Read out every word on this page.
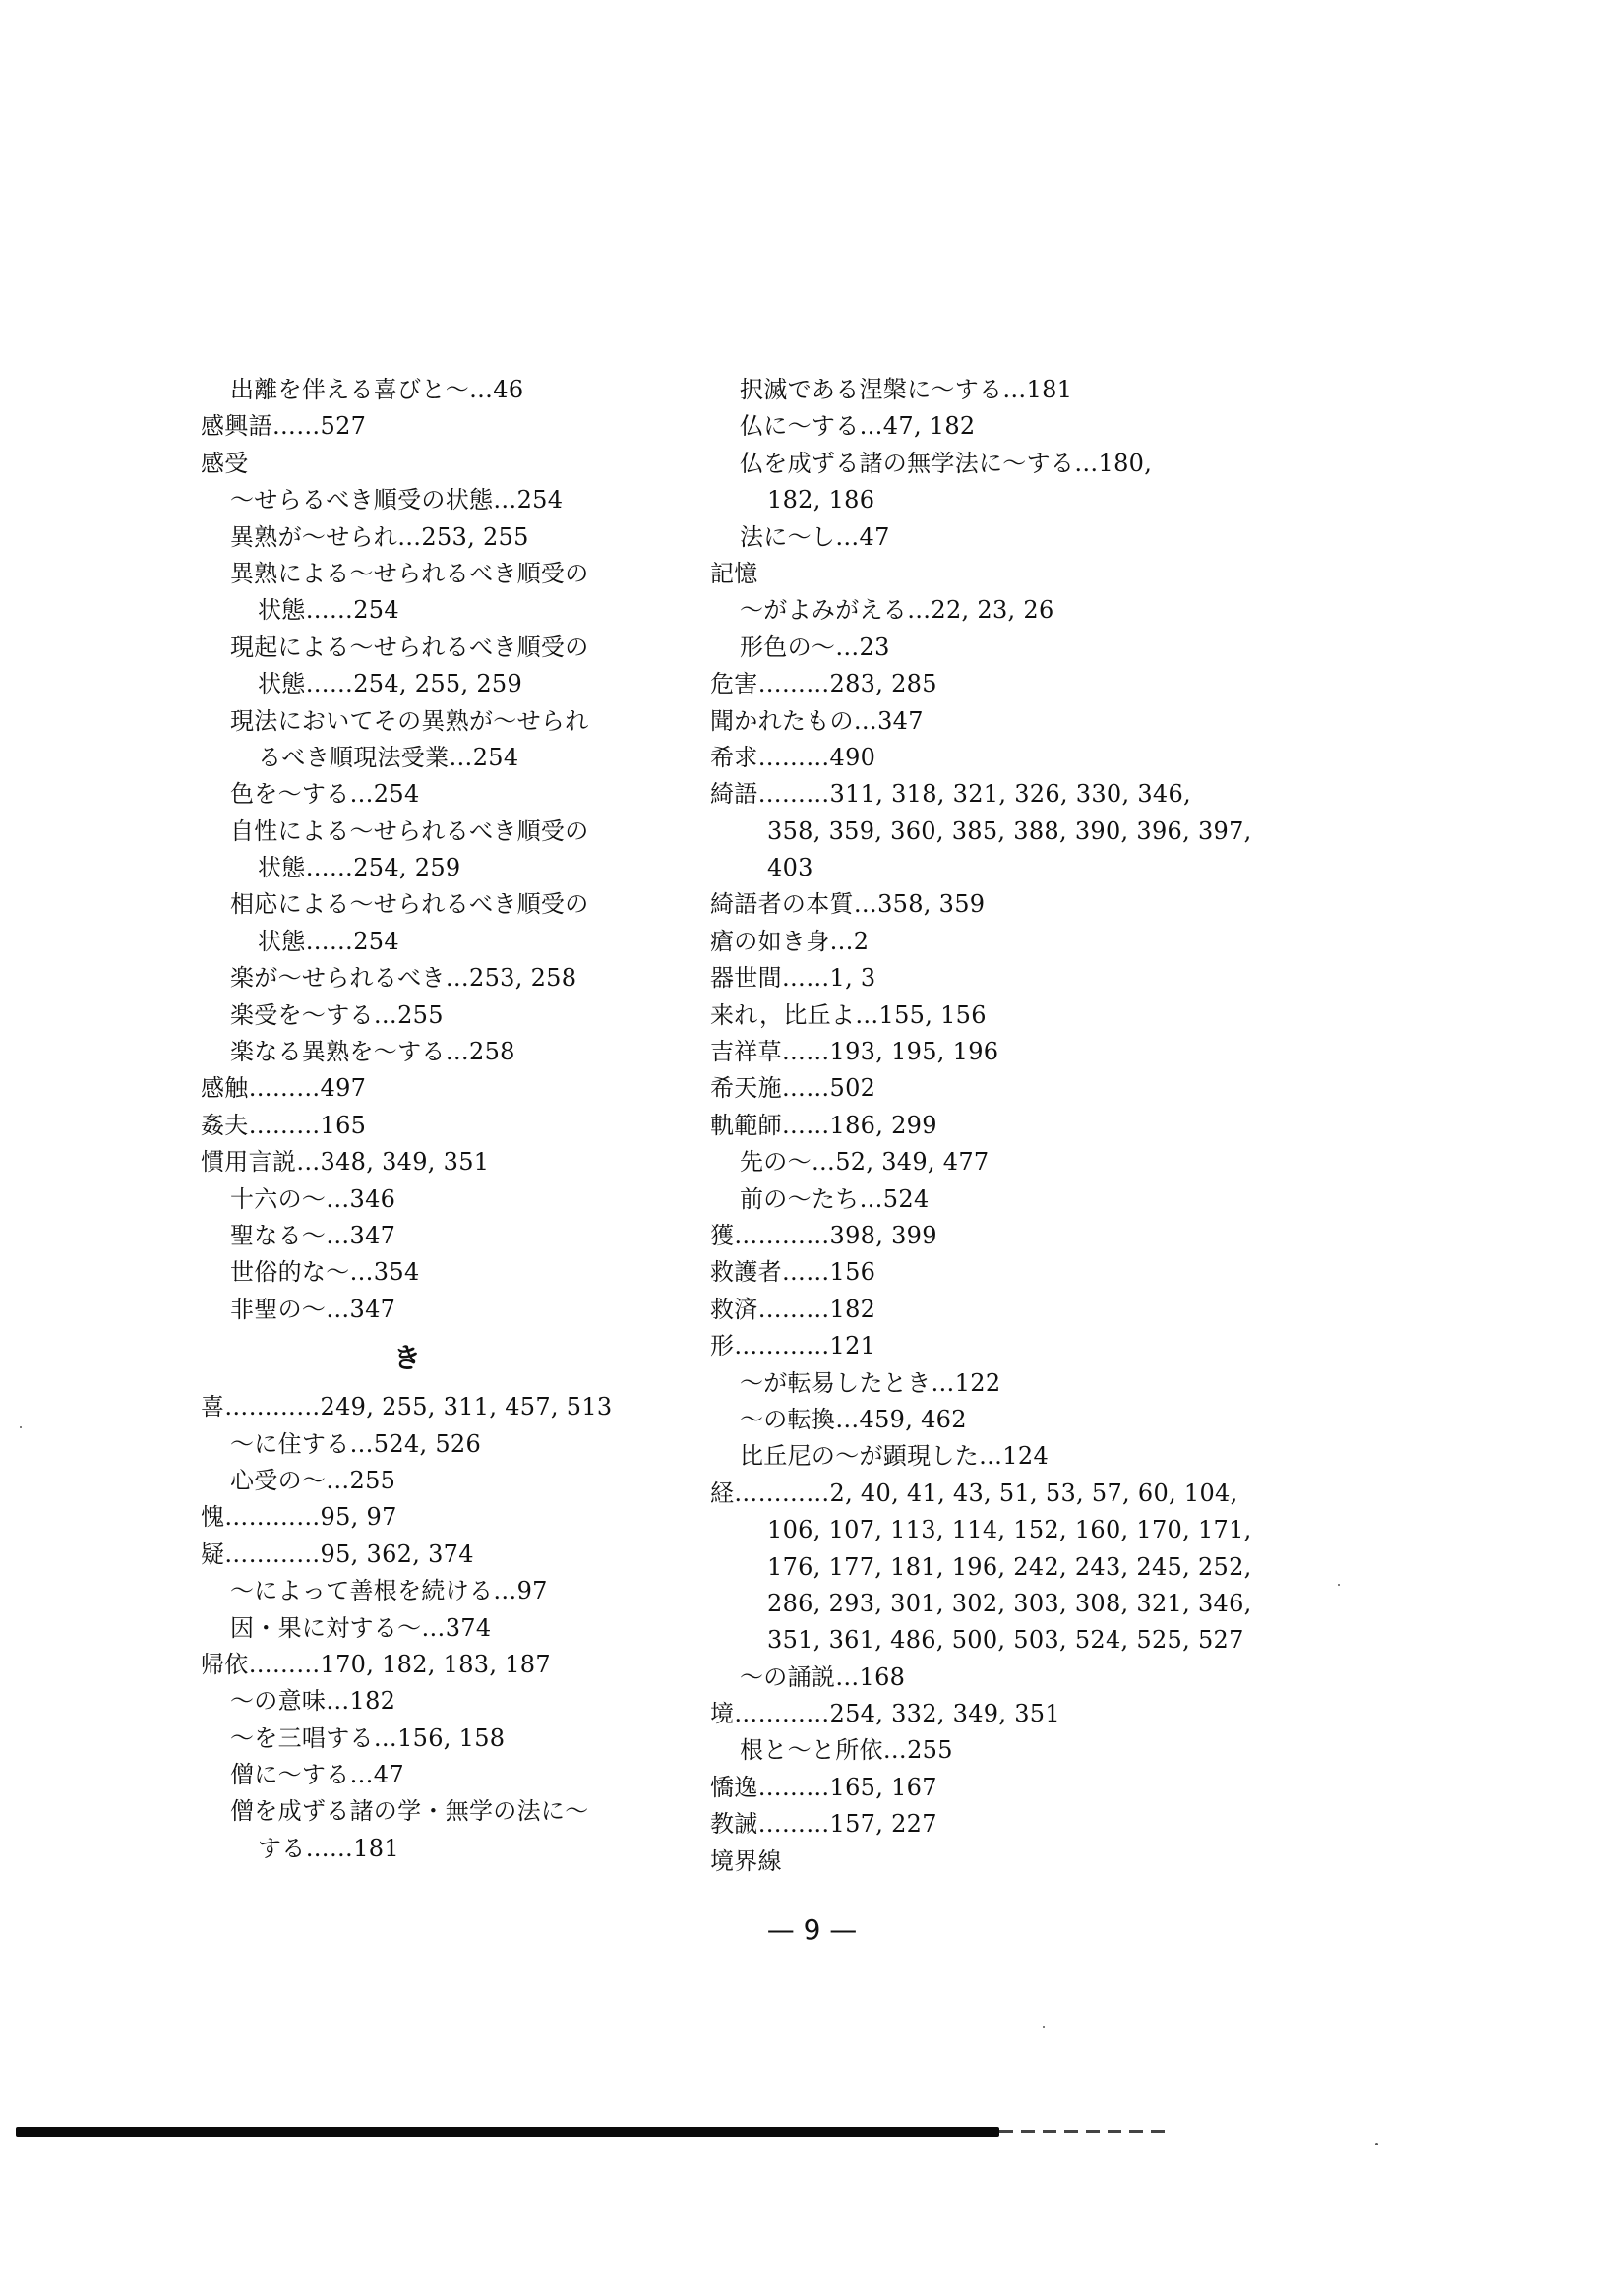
出離を伴える喜びと〜…46
感興語……527
感受
〜せらるべき順受の状態…254
異熟が〜せられ…253, 255
異熟による〜せられるべき順受の
状態……254
現起による〜せられるべき順受の
状態……254, 255, 259
現法においてその異熟が〜せられ
るべき順現法受業…254
色を〜する…254
自性による〜せられるべき順受の
状態……254, 259
相応による〜せられるべき順受の
状態……254
楽が〜せられるべき…253, 258
楽受を〜する…255
楽なる異熟を〜する…258
感触………497
姦夫………165
慣用言説…348, 349, 351
十六の〜…346
聖なる〜…347
世俗的な〜…354
非聖の〜…347
き
喜…………249, 255, 311, 457, 513
〜に住する…524, 526
心受の〜…255
愧…………95, 97
疑…………95, 362, 374
〜によって善根を続ける…97
因・果に対する〜…374
帰依………170, 182, 183, 187
〜の意味…182
〜を三唱する…156, 158
僧に〜する…47
僧を成ずる諸の学・無学の法に〜
する……181
択滅である涅槃に〜する…181
仏に〜する…47, 182
仏を成ずる諸の無学法に〜する…180,
182, 186
法に〜し…47
記憶
〜がよみがえる…22, 23, 26
形色の〜…23
危害………283, 285
聞かれたもの…347
希求………490
綺語………311, 318, 321, 326, 330, 346,
358, 359, 360, 385, 388, 390, 396, 397,
403
綺語者の本質…358, 359
瘡の如き身…2
器世間……1, 3
来れ，比丘よ…155, 156
吉祥草……193, 195, 196
希天施……502
軌範師……186, 299
先の〜…52, 349, 477
前の〜たち…524
獲…………398, 399
救護者……156
救済………182
形…………121
〜が転易したとき…122
〜の転換…459, 462
比丘尼の〜が顕現した…124
経…………2, 40, 41, 43, 51, 53, 57, 60, 104,
106, 107, 113, 114, 152, 160, 170, 171,
176, 177, 181, 196, 242, 243, 245, 252,
286, 293, 301, 302, 303, 308, 321, 346,
351, 361, 486, 500, 503, 524, 525, 527
〜の誦説…168
境…………254, 332, 349, 351
根と〜と所依…255
憍逸………165, 167
教誡………157, 227
境界線
— 9 —
